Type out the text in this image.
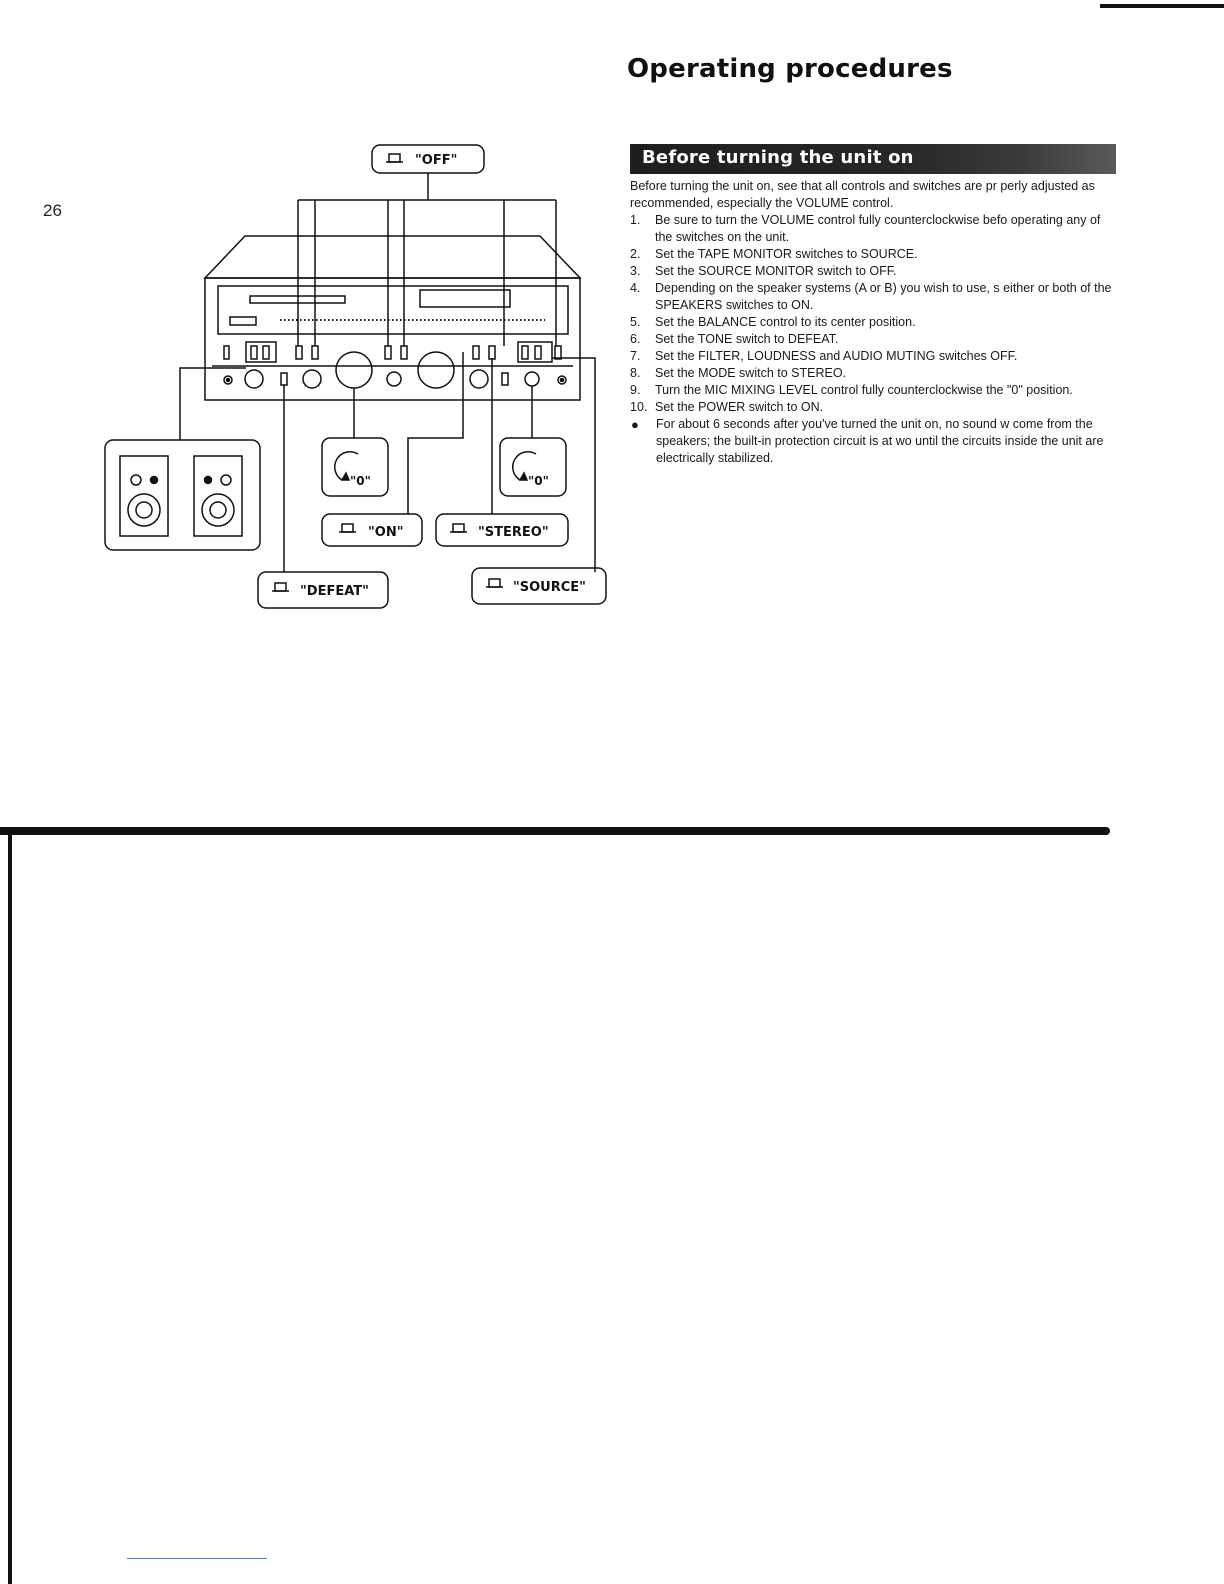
26
Operating procedures
"0"	"0"
"OFF"
"ON"	"STEREO"
"DEFEAT"	"SOURCE"
Before turning the unit on

Before turning the unit on, see that all controls and switches are pr perly adjusted as recommended, especially the VOLUME control.

1. Be sure to turn the VOLUME control fully counterclockwise befo operating any of the switches on the unit.
2. Set the TAPE MONITOR switches to SOURCE.
3. Set the SOURCE MONITOR switch to OFF.
4. Depending on the speaker systems (A or B) you wish to use, s either or both of the SPEAKERS switches to ON.
5. Set the BALANCE control to its center position.
6. Set the TONE switch to DEFEAT.
7. Set the FILTER, LOUDNESS and AUDIO MUTING switches OFF.
8. Set the MODE switch to STEREO.
9. Turn the MIC MIXING LEVEL control fully counterclockwise the "0" position.
10. Set the POWER switch to ON.
● For about 6 seconds after you've turned the unit on, no sound w come from the speakers; the built-in protection circuit is at wo until the circuits inside the unit are electrically stabilized.
